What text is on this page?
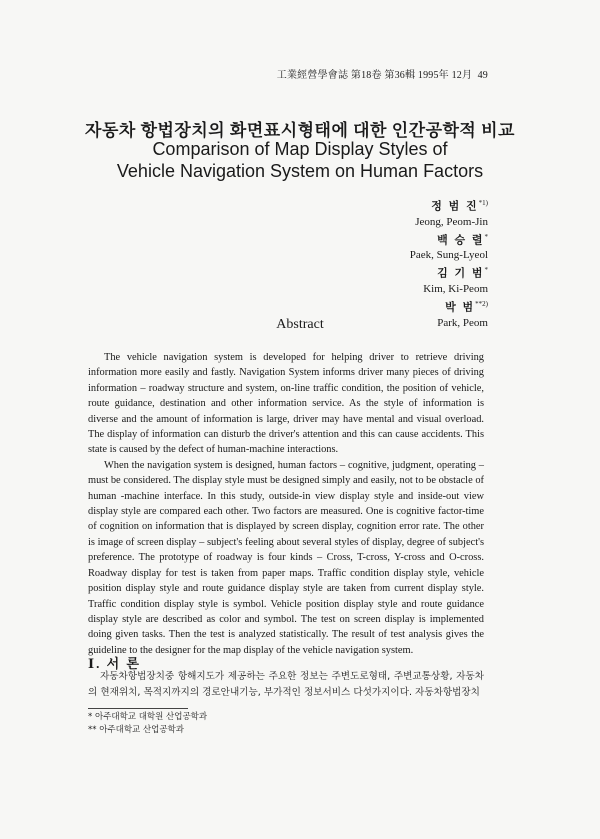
工業經營學會誌 第18卷 第36輯 1995年 12月 49
자동차 항법장치의 화면표시형태에 대한 인간공학적 비교
Comparison of Map Display Styles of
Vehicle Navigation System on Human Factors
정 범 진$^{*1)}$
Jeong, Peom-Jin
백 승 렬*
Paek, Sung-Lyeol
김 기 범*
Kim, Ki-Peom
박 범$^{**2)}$
Park, Peom
Abstract

The vehicle navigation system is developed for helping driver to retrieve driving information more easily and fastly. Navigation System informs driver many pieces of driving information – roadway structure and system, on-line traffic condition, the position of vehicle, route guidance, destination and other information service. As the style of information is diverse and the amount of information is large, driver may have mental and visual overload. The display of information can disturb the driver's attention and this can cause accidents. This state is caused by the defect of human-machine interactions.

When the navigation system is designed, human factors – cognitive, judgment, operating – must be considered. The display style must be designed simply and easily, not to be obstacle of human -machine interface. In this study, outside-in view display style and inside-out view display style are compared each other. Two factors are measured. One is cognitive factor-time of cognition on information that is displayed by screen display, cognition error rate. The other is image of screen display – subject's feeling about several styles of display, degree of subject's preference. The prototype of roadway is four kinds – Cross, T-cross, Y-cross and O-cross. Roadway display for test is taken from paper maps. Traffic condition display style, vehicle position display style and route guidance display style are taken from current display style. Traffic condition display style is symbol. Vehicle position display style and route guidance display style are described as color and symbol. The test on screen display is implemented doing given tasks. Then the test is analyzed statistically. The result of test analysis gives the guideline to the designer for the map display of the vehicle navigation system.

Ⅰ. 서 론

자동차항법장치중 항해지도가 제공하는 주요한 정보는 주변도로형태, 주변교통상황, 자동차의 현재위치, 목적지까지의 경로안내기능, 부가적인 정보서비스 다섯가지이다. 자동차항법장치

* 아주대학교 대학원 산업공학과
** 아주대학교 산업공학과
